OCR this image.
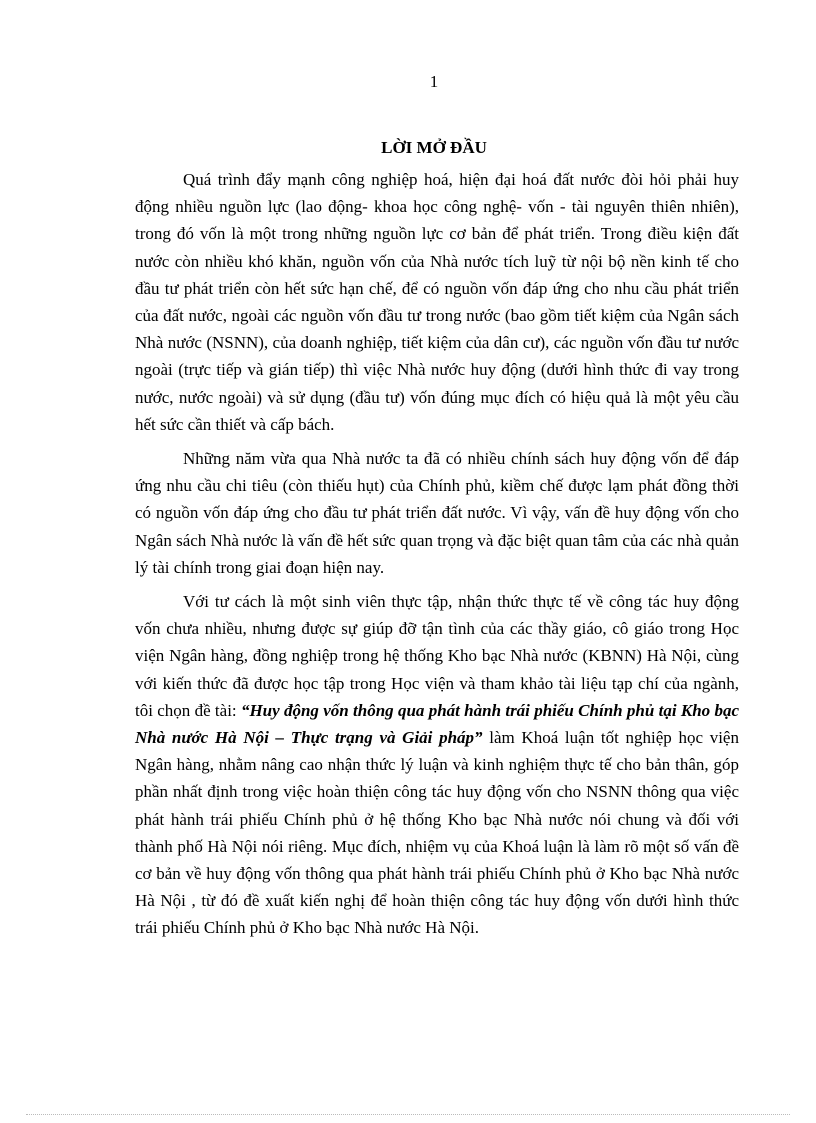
1
LỜI MỞ ĐẦU

Quá trình đẩy mạnh công nghiệp hoá, hiện đại hoá đất nước đòi hỏi phải huy động nhiều nguồn lực (lao động- khoa học công nghệ- vốn - tài nguyên thiên nhiên), trong đó vốn là một trong những nguồn lực cơ bản để phát triển. Trong điều kiện đất nước còn nhiều khó khăn, nguồn vốn của Nhà nước tích luỹ từ nội bộ nền kinh tế cho đầu tư phát triển còn hết sức hạn chế, để có nguồn vốn đáp ứng cho nhu cầu phát triển của đất nước, ngoài các nguồn vốn đầu tư trong nước (bao gồm tiết kiệm của Ngân sách Nhà nước (NSNN), của doanh nghiệp, tiết kiệm của dân cư), các nguồn vốn đầu tư nước ngoài (trực tiếp và gián tiếp) thì việc Nhà nước huy động (dưới hình thức đi vay trong nước, nước ngoài) và sử dụng (đầu tư) vốn đúng mục đích có hiệu quả là một yêu cầu hết sức cần thiết và cấp bách.

Những năm vừa qua Nhà nước ta đã có nhiều chính sách huy động vốn để đáp ứng nhu cầu chi tiêu (còn thiếu hụt) của Chính phủ, kiềm chế được lạm phát đồng thời có nguồn vốn đáp ứng cho đầu tư phát triển đất nước. Vì vậy, vấn đề huy động vốn cho Ngân sách Nhà nước là vấn đề hết sức quan trọng và đặc biệt quan tâm của các nhà quản lý tài chính trong giai đoạn hiện nay.

Với tư cách là một sinh viên thực tập, nhận thức thực tế về công tác huy động vốn chưa nhiều, nhưng được sự giúp đỡ tận tình của các thầy giáo, cô giáo trong Học viện Ngân hàng, đồng nghiệp trong hệ thống Kho bạc Nhà nước (KBNN) Hà Nội, cùng với kiến thức đã được học tập trong Học viện và tham khảo tài liệu tạp chí của ngành, tôi chọn đề tài: “Huy động vốn thông qua phát hành trái phiếu Chính phủ tại Kho bạc Nhà nước Hà Nội – Thực trạng và Giải pháp” làm Khoá luận tốt nghiệp học viện Ngân hàng, nhằm nâng cao nhận thức lý luận và kinh nghiệm thực tế cho bản thân, góp phần nhất định trong việc hoàn thiện công tác huy động vốn cho NSNN thông qua việc phát hành trái phiếu Chính phủ ở hệ thống Kho bạc Nhà nước nói chung và đối với thành phố Hà Nội nói riêng. Mục đích, nhiệm vụ của Khoá luận là làm rõ một số vấn đề cơ bản về huy động vốn thông qua phát hành trái phiếu Chính phủ ở Kho bạc Nhà nước Hà Nội , từ đó đề xuất kiến nghị để hoàn thiện công tác huy động vốn dưới hình thức trái phiếu Chính phủ ở Kho bạc Nhà nước Hà Nội.
